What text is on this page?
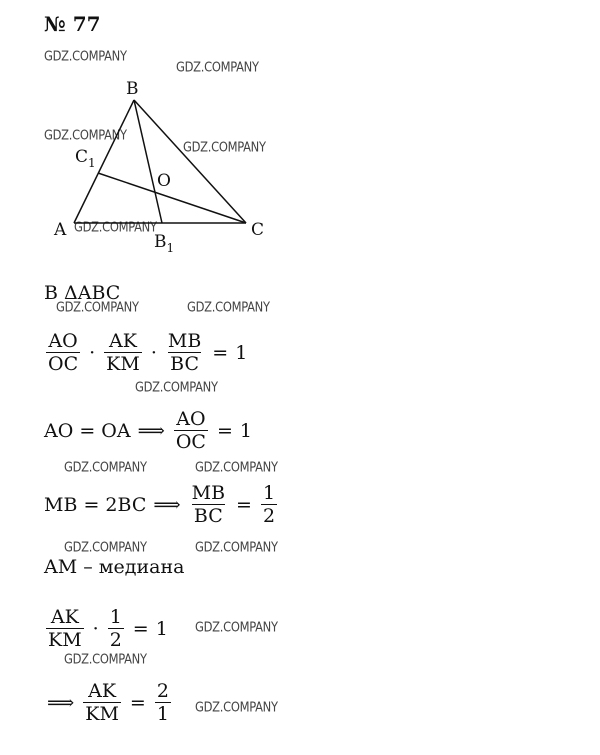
№ 77
GDZ.COMPANY
GDZ.COMPANY
GDZ.COMPANY
GDZ.COMPANY
GDZ.COMPANY
GDZ.COMPANY	GDZ.COMPANY
GDZ.COMPANY
GDZ.COMPANY	GDZ.COMPANY
GDZ.COMPANY	GDZ.COMPANY
GDZ.COMPANY
GDZ.COMPANY
GDZ.COMPANY
B
A	C
$C_1$
O
$B_1$
В ΔABC
$\frac{AO}{OC} \cdot \frac{AK}{KM} \cdot \frac{MB}{BC} = 1$
AO = OA ⟹ $\frac{AO}{OC} = 1$
MB = 2BC ⟹ $\frac{MB}{BC} = \frac{1}{2}$
AM – медиана
$\frac{AK}{KM} \cdot \frac{1}{2} = 1$
⟹ $\frac{AK}{KM} = \frac{2}{1}$
